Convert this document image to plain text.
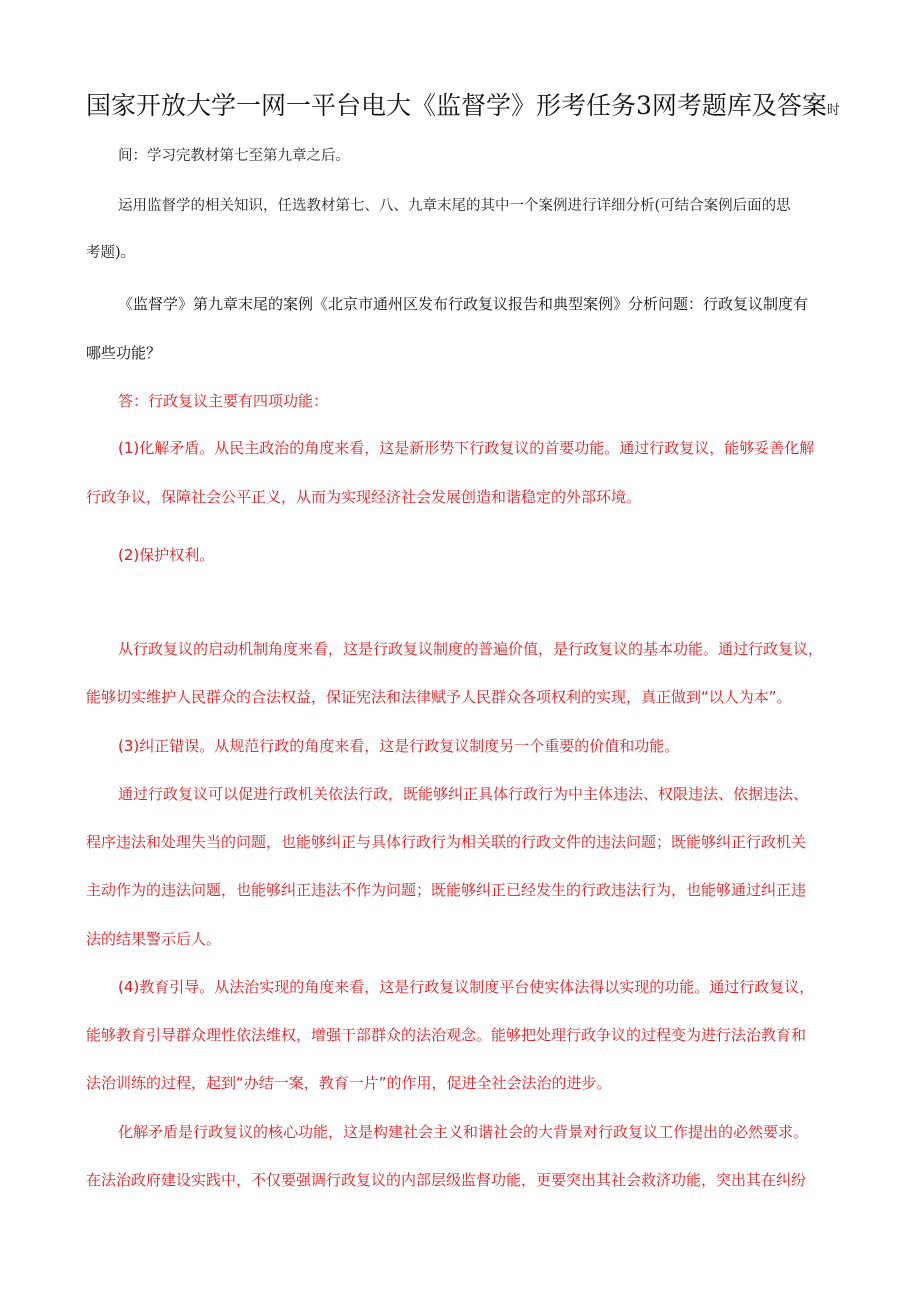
国家开放大学一网一平台电大《监督学》形考任务3网考题库及答案时
间：学习完教材第七至第九章之后。
运用监督学的相关知识，任选教材第七、八、九章末尾的其中一个案例进行详细分析(可结合案例后面的思
考题)。
《监督学》第九章末尾的案例《北京市通州区发布行政复议报告和典型案例》分析问题：行政复议制度有
哪些功能？
答：行政复议主要有四项功能：
(1)化解矛盾。从民主政治的角度来看，这是新形势下行政复议的首要功能。通过行政复议，能够妥善化解
行政争议，保障社会公平正义，从而为实现经济社会发展创造和谐稳定的外部环境。
(2)保护权利。
从行政复议的启动机制角度来看，这是行政复议制度的普遍价值，是行政复议的基本功能。通过行政复议，
能够切实维护人民群众的合法权益，保证宪法和法律赋予人民群众各项权利的实现，真正做到“以人为本”。
(3)纠正错误。从规范行政的角度来看，这是行政复议制度另一个重要的价值和功能。
通过行政复议可以促进行政机关依法行政，既能够纠正具体行政行为中主体违法、权限违法、依据违法、
程序违法和处理失当的问题，也能够纠正与具体行政行为相关联的行政文件的违法问题；既能够纠正行政机关
主动作为的违法问题，也能够纠正违法不作为问题；既能够纠正已经发生的行政违法行为，也能够通过纠正违
法的结果警示后人。
(4)教育引导。从法治实现的角度来看，这是行政复议制度平台使实体法得以实现的功能。通过行政复议，
能够教育引导群众理性依法维权，增强干部群众的法治观念。能够把处理行政争议的过程变为进行法治教育和
法治训练的过程，起到“办结一案，教育一片”的作用，促进全社会法治的进步。
化解矛盾是行政复议的核心功能，这是构建社会主义和谐社会的大背景对行政复议工作提出的必然要求。
在法治政府建设实践中，不仅要强调行政复议的内部层级监督功能，更要突出其社会救济功能，突出其在纠纷
